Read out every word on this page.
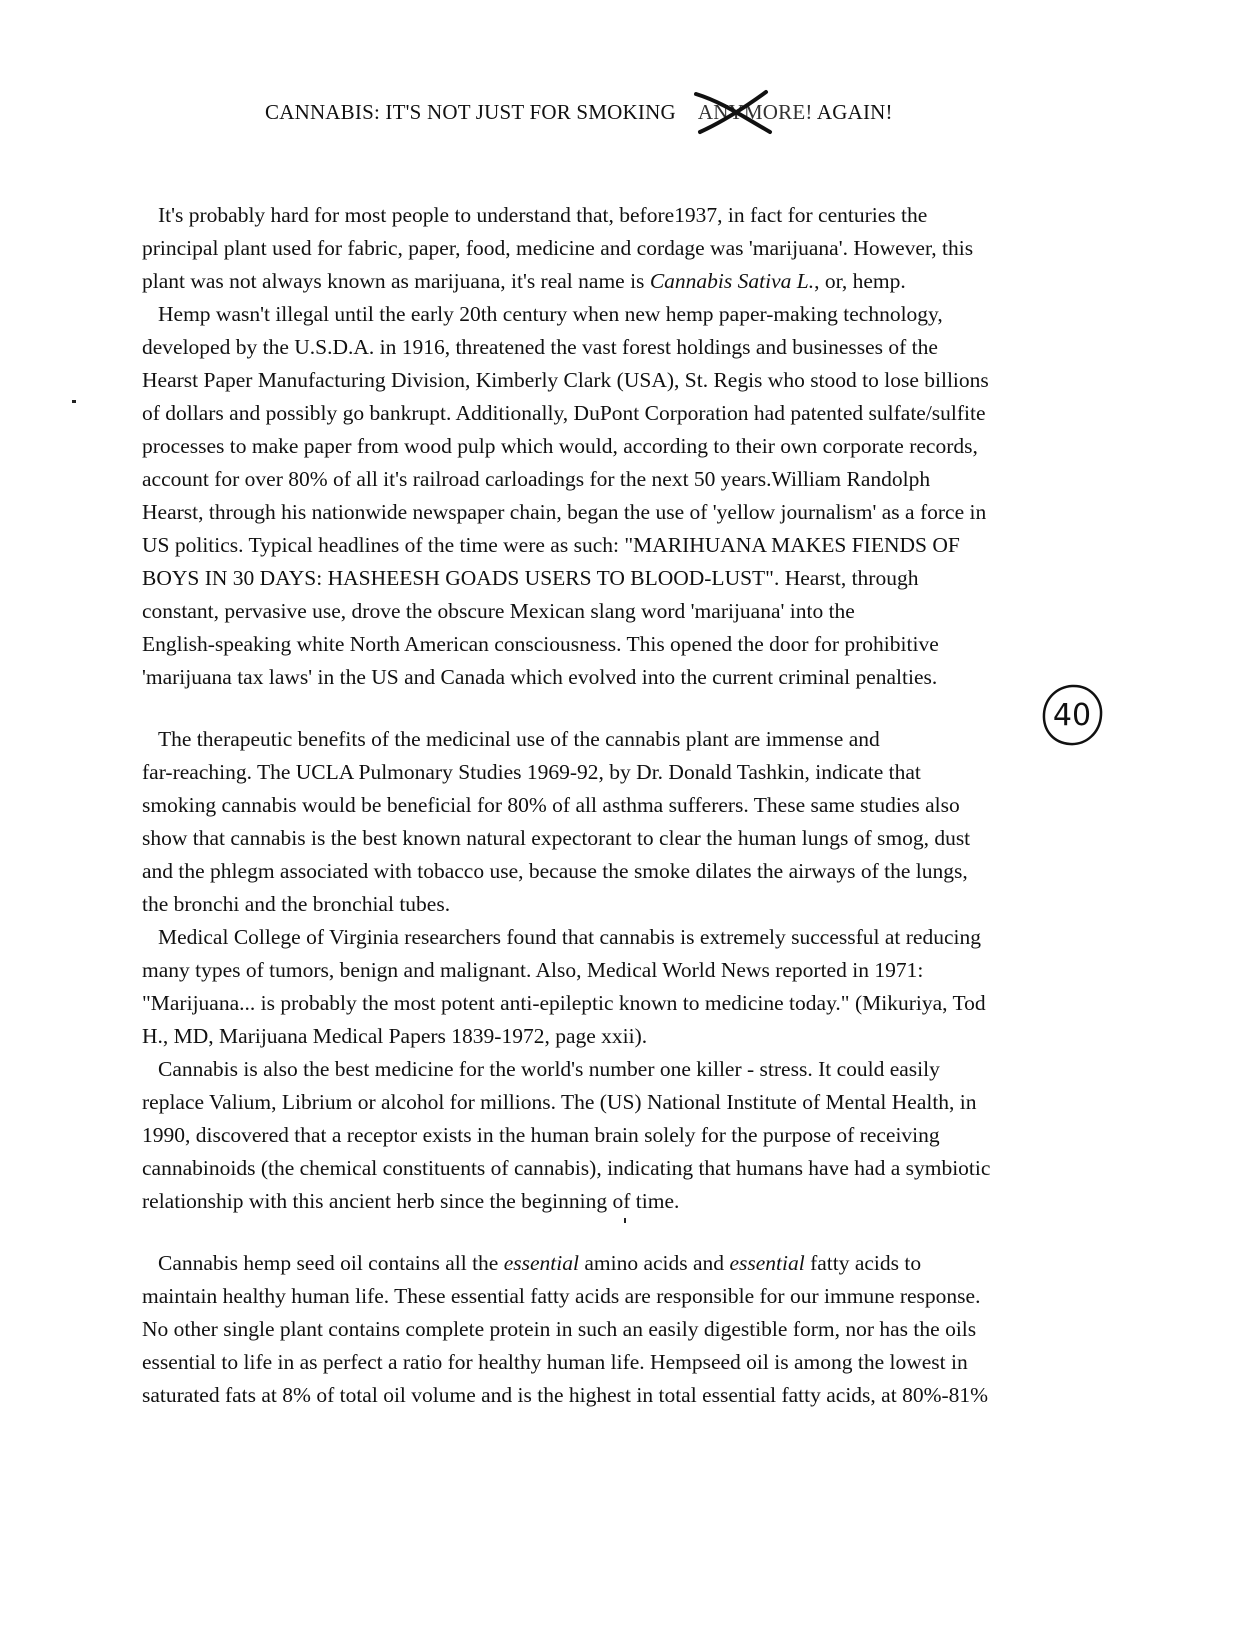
CANNABIS: IT'S NOT JUST FOR SMOKING ANYMORE! AGAIN!

It's probably hard for most people to understand that, before1937, in fact for centuries the

principal plant used for fabric, paper, food, medicine and cordage was 'marijuana'. However, this

plant was not always known as marijuana, it's real name is Cannabis Sativa L., or, hemp.

Hemp wasn't illegal until the early 20th century when new hemp paper-making technology,

developed by the U.S.D.A. in 1916, threatened the vast forest holdings and businesses of the

Hearst Paper Manufacturing Division, Kimberly Clark (USA), St. Regis who stood to lose billions

of dollars and possibly go bankrupt. Additionally, DuPont Corporation had patented sulfate/sulfite

processes to make paper from wood pulp which would, according to their own corporate records,

account for over 80% of all it's railroad carloadings for the next 50 years.William Randolph

Hearst, through his nationwide newspaper chain, began the use of 'yellow journalism' as a force in

US politics. Typical headlines of the time were as such: "MARIHUANA MAKES FIENDS OF

BOYS IN 30 DAYS: HASHEESH GOADS USERS TO BLOOD-LUST". Hearst, through

constant, pervasive use, drove the obscure Mexican slang word 'marijuana' into the

English-speaking white North American consciousness. This opened the door for prohibitive

'marijuana tax laws' in the US and Canada which evolved into the current criminal penalties.

The therapeutic benefits of the medicinal use of the cannabis plant are immense and

far-reaching. The UCLA Pulmonary Studies 1969-92, by Dr. Donald Tashkin, indicate that

smoking cannabis would be beneficial for 80% of all asthma sufferers. These same studies also

show that cannabis is the best known natural expectorant to clear the human lungs of smog, dust

and the phlegm associated with tobacco use, because the smoke dilates the airways of the lungs,

the bronchi and the bronchial tubes.

Medical College of Virginia researchers found that cannabis is extremely successful at reducing

many types of tumors, benign and malignant. Also, Medical World News reported in 1971:

"Marijuana... is probably the most potent anti-epileptic known to medicine today." (Mikuriya, Tod

H., MD, Marijuana Medical Papers 1839-1972, page xxii).

Cannabis is also the best medicine for the world's number one killer - stress. It could easily

replace Valium, Librium or alcohol for millions. The (US) National Institute of Mental Health, in

1990, discovered that a receptor exists in the human brain solely for the purpose of receiving

cannabinoids (the chemical constituents of cannabis), indicating that humans have had a symbiotic

relationship with this ancient herb since the beginning of time.

Cannabis hemp seed oil contains all the essential amino acids and essential fatty acids to

maintain healthy human life. These essential fatty acids are responsible for our immune response.

No other single plant contains complete protein in such an easily digestible form, nor has the oils

essential to life in as perfect a ratio for healthy human life. Hempseed oil is among the lowest in

saturated fats at 8% of total oil volume and is the highest in total essential fatty acids, at 80%-81%

40
